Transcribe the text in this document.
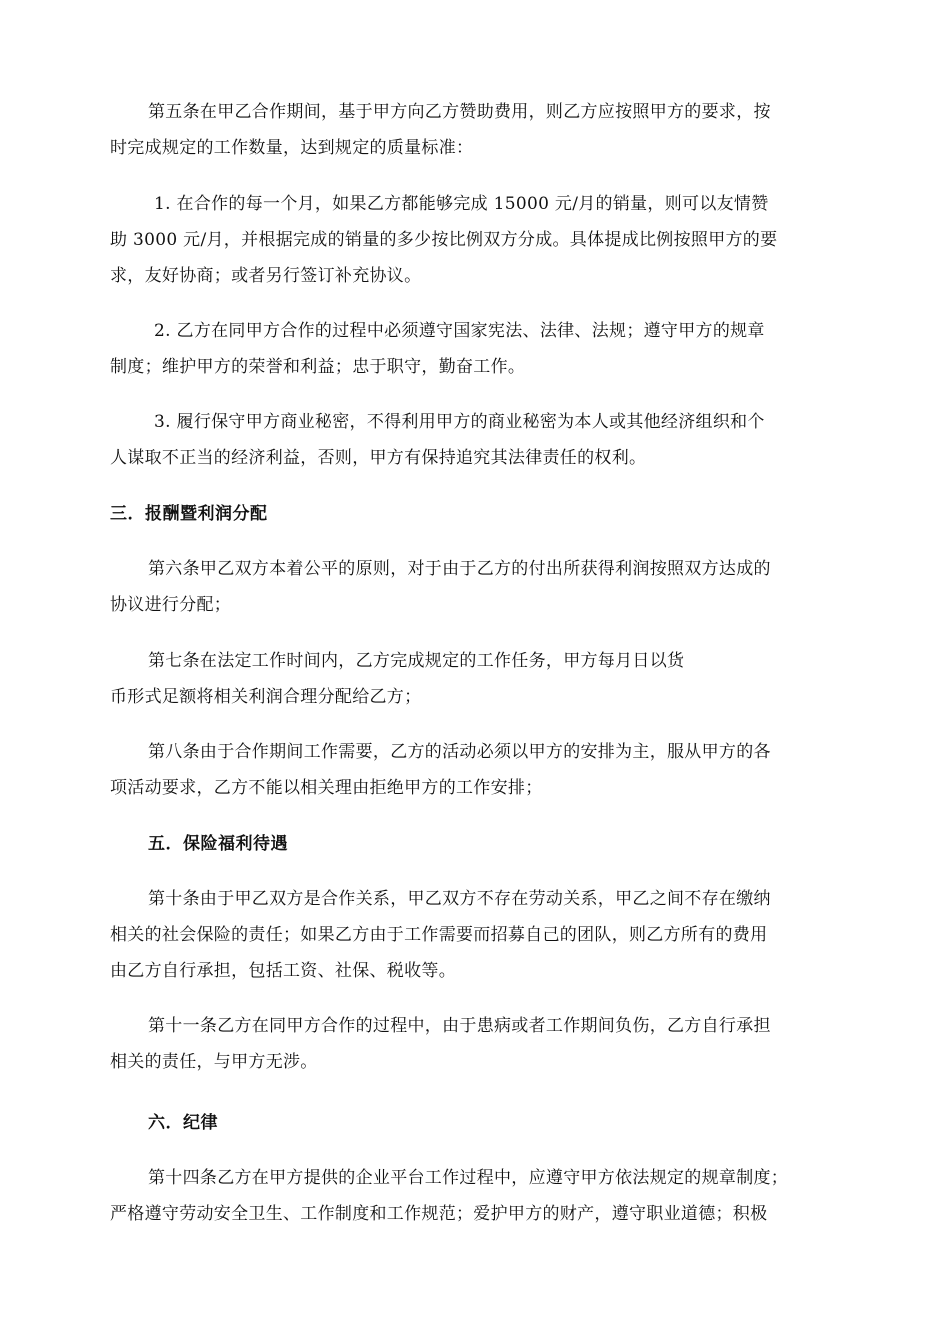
第五条在甲乙合作期间，基于甲方向乙方赞助费用，则乙方应按照甲方的要求，按
时完成规定的工作数量，达到规定的质量标准：
1. 在合作的每一个月，如果乙方都能够完成 15000 元/月的销量，则可以友情赞
助 3000 元/月，并根据完成的销量的多少按比例双方分成。具体提成比例按照甲方的要
求，友好协商；或者另行签订补充协议。
2. 乙方在同甲方合作的过程中必须遵守国家宪法、法律、法规；遵守甲方的规章
制度；维护甲方的荣誉和利益；忠于职守，勤奋工作。
3. 履行保守甲方商业秘密，不得利用甲方的商业秘密为本人或其他经济组织和个
人谋取不正当的经济利益，否则，甲方有保持追究其法律责任的权利。
三．报酬暨利润分配
第六条甲乙双方本着公平的原则，对于由于乙方的付出所获得利润按照双方达成的
协议进行分配；
第七条在法定工作时间内，乙方完成规定的工作任务，甲方每月日以货
币形式足额将相关利润合理分配给乙方；
第八条由于合作期间工作需要，乙方的活动必须以甲方的安排为主，服从甲方的各
项活动要求，乙方不能以相关理由拒绝甲方的工作安排；
五．保险福利待遇
第十条由于甲乙双方是合作关系，甲乙双方不存在劳动关系，甲乙之间不存在缴纳
相关的社会保险的责任；如果乙方由于工作需要而招募自己的团队，则乙方所有的费用
由乙方自行承担，包括工资、社保、税收等。
第十一条乙方在同甲方合作的过程中，由于患病或者工作期间负伤，乙方自行承担
相关的责任，与甲方无涉。
六．纪律
第十四条乙方在甲方提供的企业平台工作过程中，应遵守甲方依法规定的规章制度；
严格遵守劳动安全卫生、工作制度和工作规范；爱护甲方的财产，遵守职业道德；积极
